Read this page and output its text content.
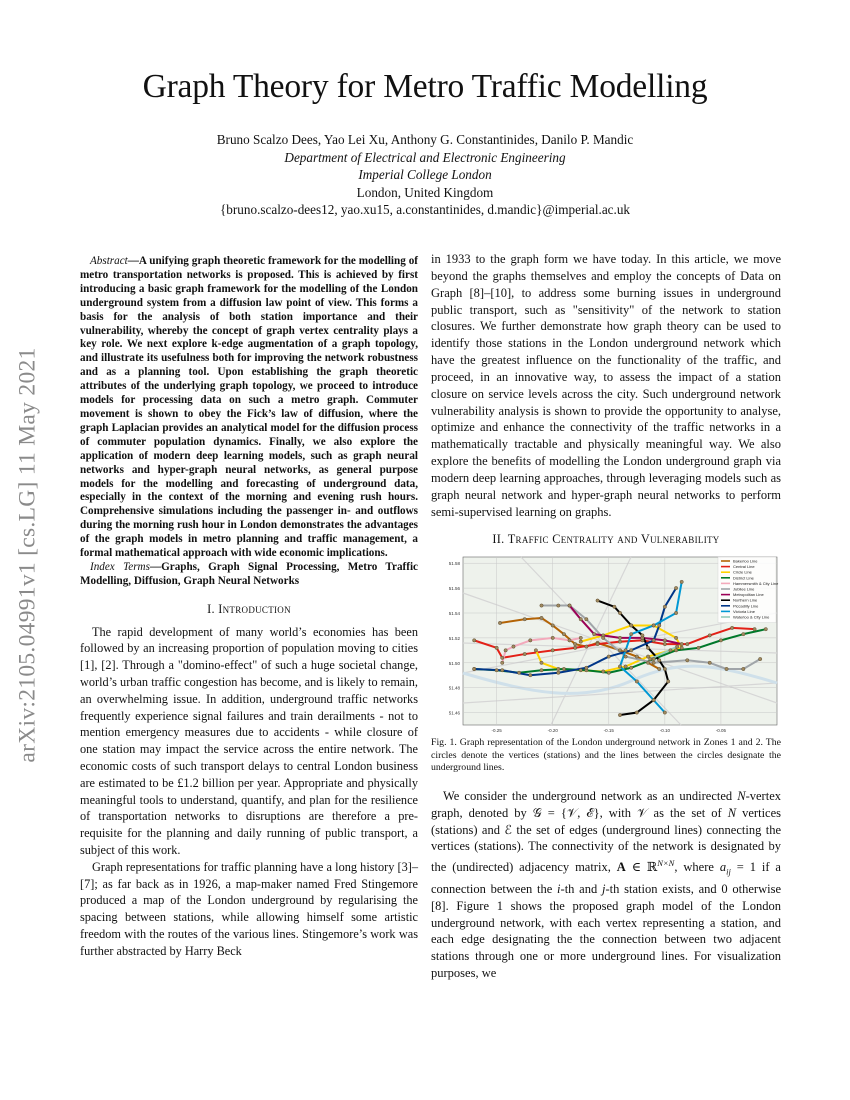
arXiv:2105.04991v1 [cs.LG] 11 May 2021
Graph Theory for Metro Traffic Modelling
Bruno Scalzo Dees, Yao Lei Xu, Anthony G. Constantinides, Danilo P. Mandic
Department of Electrical and Electronic Engineering
Imperial College London
London, United Kingdom
{bruno.scalzo-dees12, yao.xu15, a.constantinides, d.mandic}@imperial.ac.uk

Abstract—A unifying graph theoretic framework for the modelling of metro transportation networks is proposed. This is achieved by first introducing a basic graph framework for the modelling of the London underground system from a diffusion law point of view. This forms a basis for the analysis of both station importance and their vulnerability, whereby the concept of graph vertex centrality plays a key role. We next explore k-edge augmentation of a graph topology, and illustrate its usefulness both for improving the network robustness and as a planning tool. Upon establishing the graph theoretic attributes of the underlying graph topology, we proceed to introduce models for processing data on such a metro graph. Commuter movement is shown to obey the Fick’s law of diffusion, where the graph Laplacian provides an analytical model for the diffusion process of commuter population dynamics. Finally, we also explore the application of modern deep learning models, such as graph neural networks and hyper-graph neural networks, as general purpose models for the modelling and forecasting of underground data, especially in the context of the morning and evening rush hours. Comprehensive simulations including the passenger in- and outflows during the morning rush hour in London demonstrates the advantages of the graph models in metro planning and traffic management, a formal mathematical approach with wide economic implications.

Index Terms—Graphs, Graph Signal Processing, Metro Traffic Modelling, Diffusion, Graph Neural Networks

I. Introduction

The rapid development of many world’s economies has been followed by an increasing proportion of population moving to cities [1], [2]. Through a "domino-effect" of such a huge societal change, world’s urban traffic congestion has become, and is likely to remain, an overwhelming issue. In addition, underground traffic networks frequently experience signal failures and train derailments - not to mention emergency measures due to accidents - while closure of one station may impact the service across the entire network. The economic costs of such transport delays to central London business are estimated to be £1.2 billion per year. Appropriate and physically meaningful tools to understand, quantify, and plan for the resilience of transportation networks to disruptions are therefore a pre-requisite for the planning and daily running of public transport, a subject of this work.

Graph representations for traffic planning have a long history [3]–[7]; as far back as in 1926, a map-maker named Fred Stingemore produced a map of the London underground by regularising the spacing between stations, while allowing himself some artistic freedom with the routes of the various lines. Stingemore’s work was further abstracted by Harry Beck

in 1933 to the graph form we have today. In this article, we move beyond the graphs themselves and employ the concepts of Data on Graph [8]–[10], to address some burning issues in underground public transport, such as "sensitivity" of the network to station closures. We further demonstrate how graph theory can be used to identify those stations in the London underground network which have the greatest influence on the functionality of the traffic, and proceed, in an innovative way, to assess the impact of a station closure on service levels across the city. Such underground network vulnerability analysis is shown to provide the opportunity to analyse, optimize and enhance the connectivity of the traffic networks in a mathematically tractable and physically meaningful way. We also explore the benefits of modelling the London underground graph via modern deep learning approaches, through leveraging models such as graph neural network and hyper-graph neural networks to perform semi-supervised learning on graphs.

II. Traffic Centrality and Vulnerability
51.58
51.56
51.54
51.52
51.50
51.48
51.46
-0.25	-0.20	-0.15	-0.10	-0.05
Bakerloo Line
Central Line
Circle Line
District Line
Hammersmith & City Line
Jubilee Line
Metropolitan Line
Northern Line
Piccadilly Line
Victoria Line
Waterloo & City Line
Fig. 1. Graph representation of the London underground network in Zones 1 and 2. The circles denote the vertices (stations) and the lines between the circles designate the underground lines.

We consider the underground network as an undirected N-vertex graph, denoted by 𝒢 = {𝒱, ℰ}, with 𝒱 as the set of N vertices (stations) and ℰ the set of edges (underground lines) connecting the vertices (stations). The connectivity of the network is designated by the (undirected) adjacency matrix, A ∈ ℝ$^{N\times N}$, where $a_{ij} = 1$ if a connection between the i-th and j-th station exists, and 0 otherwise [8]. Figure 1 shows the proposed graph model of the London underground network, with each vertex representing a station, and each edge designating the the connection between two adjacent stations through one or more underground lines. For visualization purposes, we
